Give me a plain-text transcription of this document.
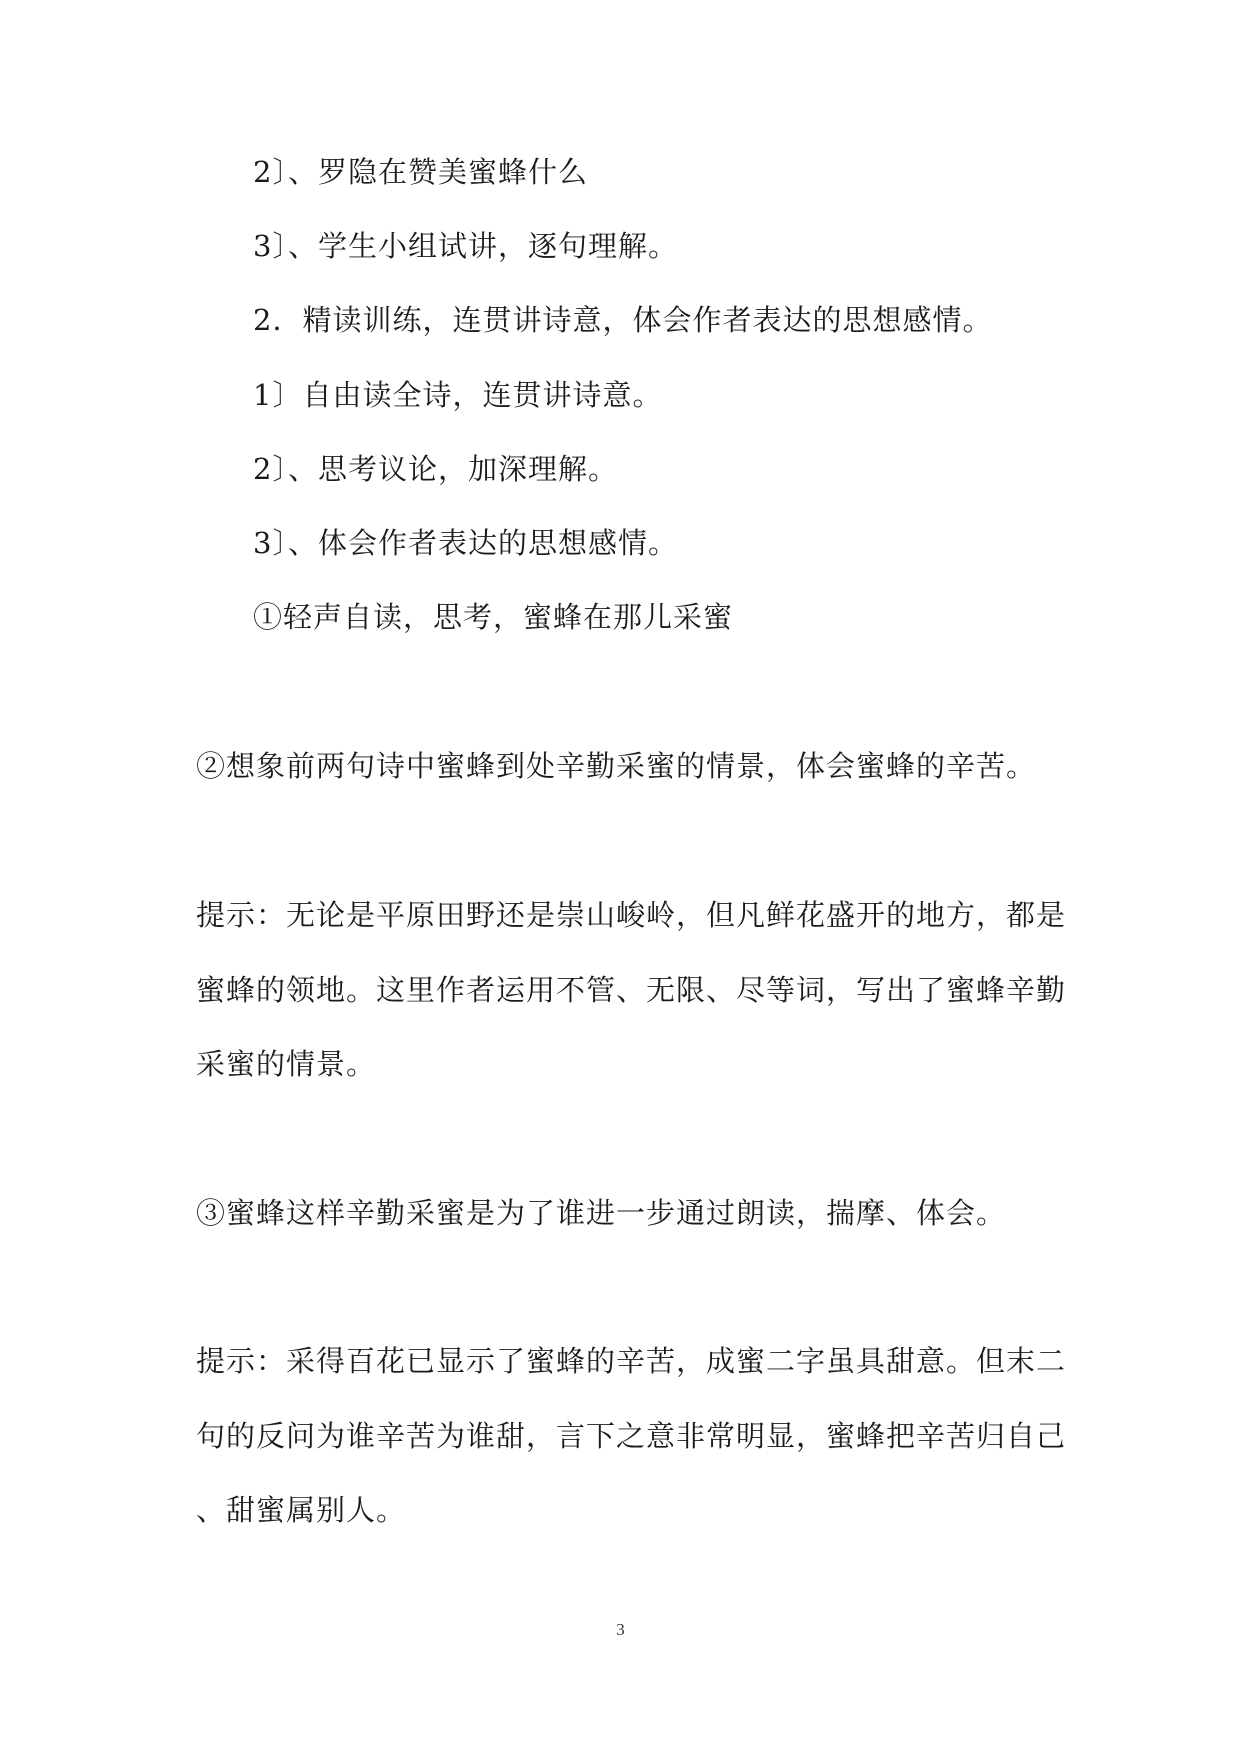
2〕、罗隐在赞美蜜蜂什么
3〕、学生小组试讲，逐句理解。
2．精读训练，连贯讲诗意，体会作者表达的思想感情。
1〕自由读全诗，连贯讲诗意。
2〕、思考议论，加深理解。
3〕、体会作者表达的思想感情。
①轻声自读，思考，蜜蜂在那儿采蜜
②想象前两句诗中蜜蜂到处辛勤采蜜的情景，体会蜜蜂的辛苦。
提示：无论是平原田野还是崇山峻岭，但凡鲜花盛开的地方，都是
蜜蜂的领地。这里作者运用不管、无限、尽等词，写出了蜜蜂辛勤
采蜜的情景。
③蜜蜂这样辛勤采蜜是为了谁进一步通过朗读，揣摩、体会。
提示：采得百花已显示了蜜蜂的辛苦，成蜜二字虽具甜意。但末二
句的反问为谁辛苦为谁甜，言下之意非常明显，蜜蜂把辛苦归自己
、甜蜜属别人。
3
